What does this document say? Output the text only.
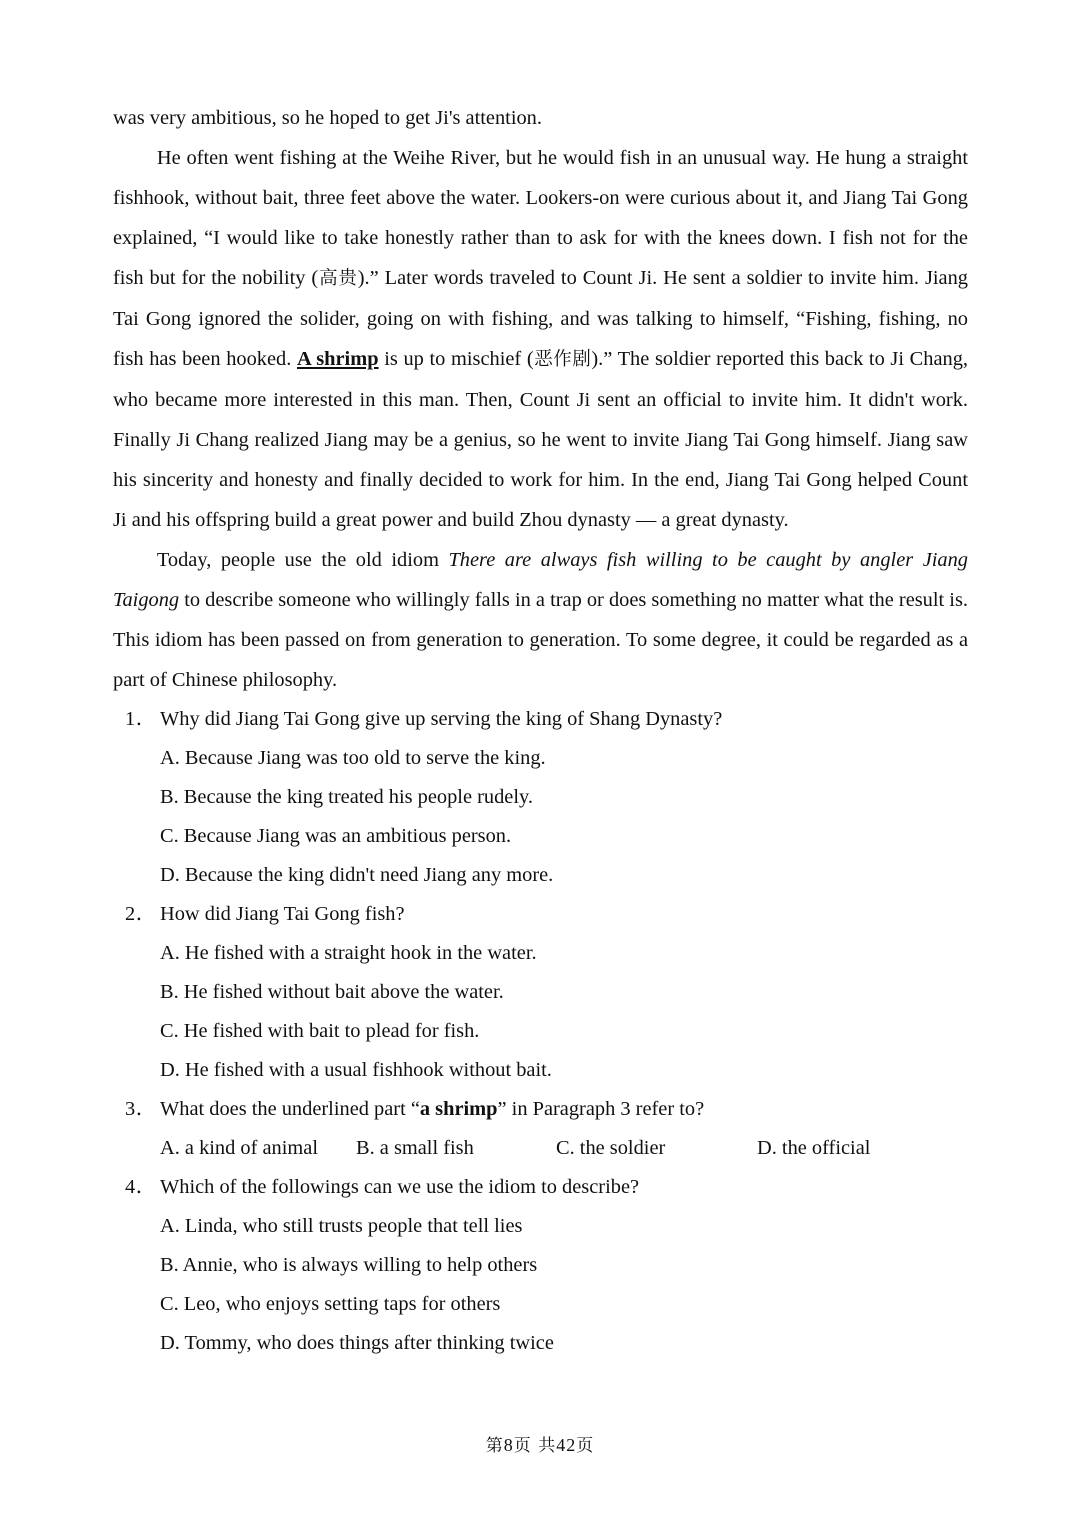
was very ambitious, so he hoped to get Ji's attention.

He often went fishing at the Weihe River, but he would fish in an unusual way. He hung a straight fishhook, without bait, three feet above the water. Lookers-on were curious about it, and Jiang Tai Gong explained, “I would like to take honestly rather than to ask for with the knees down. I fish not for the fish but for the nobility (高贵).” Later words traveled to Count Ji. He sent a soldier to invite him. Jiang Tai Gong ignored the solider, going on with fishing, and was talking to himself, “Fishing, fishing, no fish has been hooked. A shrimp is up to mischief (恶作剧).” The soldier reported this back to Ji Chang, who became more interested in this man. Then, Count Ji sent an official to invite him. It didn't work. Finally Ji Chang realized Jiang may be a genius, so he went to invite Jiang Tai Gong himself. Jiang saw his sincerity and honesty and finally decided to work for him. In the end, Jiang Tai Gong helped Count Ji and his offspring build a great power and build Zhou dynasty — a great dynasty.

Today, people use the old idiom There are always fish willing to be caught by angler Jiang Taigong to describe someone who willingly falls in a trap or does something no matter what the result is. This idiom has been passed on from generation to generation. To some degree, it could be regarded as a part of Chinese philosophy.

1． Why did Jiang Tai Gong give up serving the king of Shang Dynasty?
A. Because Jiang was too old to serve the king.
B. Because the king treated his people rudely.
C. Because Jiang was an ambitious person.
D. Because the king didn't need Jiang any more.
2． How did Jiang Tai Gong fish?
A. He fished with a straight hook in the water.
B. He fished without bait above the water.
C. He fished with bait to plead for fish.
D. He fished with a usual fishhook without bait.
3． What does the underlined part “a shrimp” in Paragraph 3 refer to?
A. a kind of animal B. a small fish	C. the soldier	D. the official
4． Which of the followings can we use the idiom to describe?
A. Linda, who still trusts people that tell lies
B. Annie, who is always willing to help others
C. Leo, who enjoys setting taps for others
D. Tommy, who does things after thinking twice
第8页 共42页
